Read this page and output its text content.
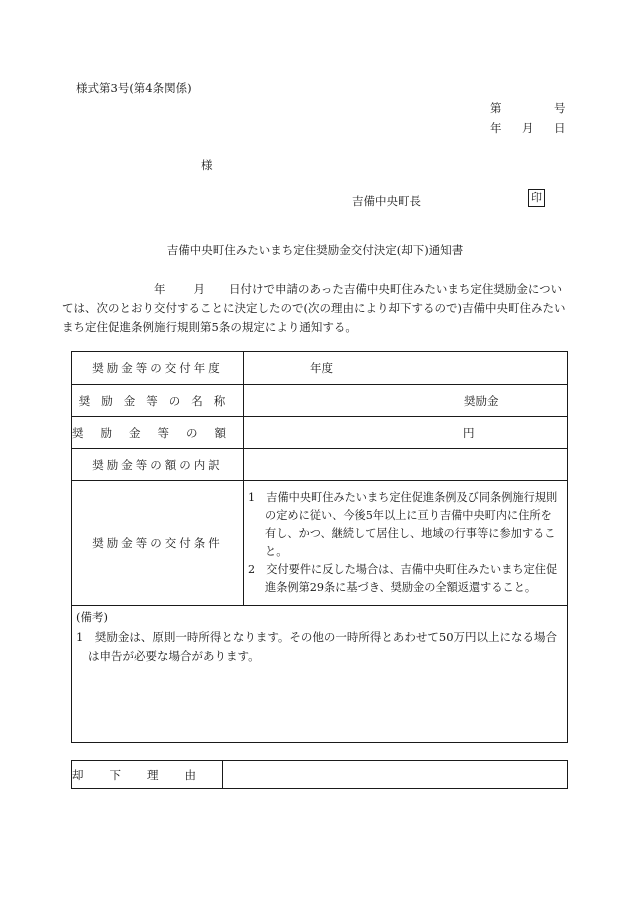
様式第3号(第4条関係)
第	号
年 月 日
様
吉備中央町長	印
吉備中央町住みたいまち定住奨励金交付決定(却下)通知書
年 月 日付けで申請のあった吉備中央町住みたいまち定住奨励金については、次のとおり交付することに決定したので(次の理由により却下するので)吉備中央町住みたいまち定住促進条例施行規則第5条の規定により通知する。
奨励金等の交付年度	年度
奨励金等の名称	奨励金
奨励金等の額	円
奨励金等の額の内訳	
奨励金等の交付条件	1　吉備中央町住みたいまち定住促進条例及び同条例施行規則の定めに従い、今後5年以上に亘り吉備中央町内に住所を有し、かつ、継続して居住し、地域の行事等に参加すること。
2　交付要件に反した場合は、吉備中央町住みたいまち定住促進条例第29条に基づき、奨励金の全額返還すること。

(備考)
1　奨励金は、原則一時所得となります。その他の一時所得とあわせて50万円以上になる場合は申告が必要な場合があります。	
却下理由	
